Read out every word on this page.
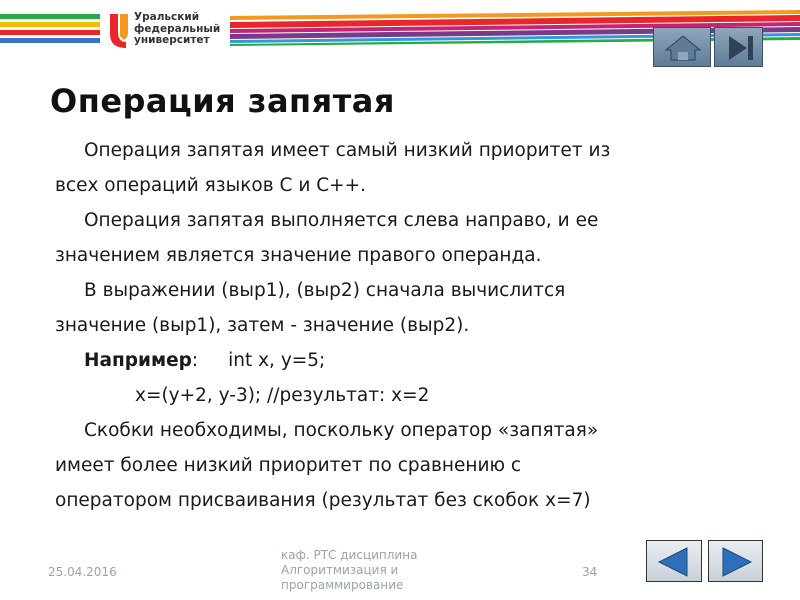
Уральский
федеральный
университет
Операция запятая
Операция запятая имеет самый низкий приоритет из
всех операций языков С и С++.
Операция запятая выполняется слева направо, и ее
значением является значение правого операнда.
В выражении (выр1), (выр2) сначала вычислится
значение (выр1), затем - значение (выр2).
Например: int x, y=5;
x=(y+2, y-3); //результат: x=2
Скобки необходимы, поскольку оператор «запятая»
имеет более низкий приоритет по сравнению с
оператором присваивания (результат без скобок x=7)
25.04.2016
каф. РТС дисциплина
Алгоритмизация и
программирование
34
